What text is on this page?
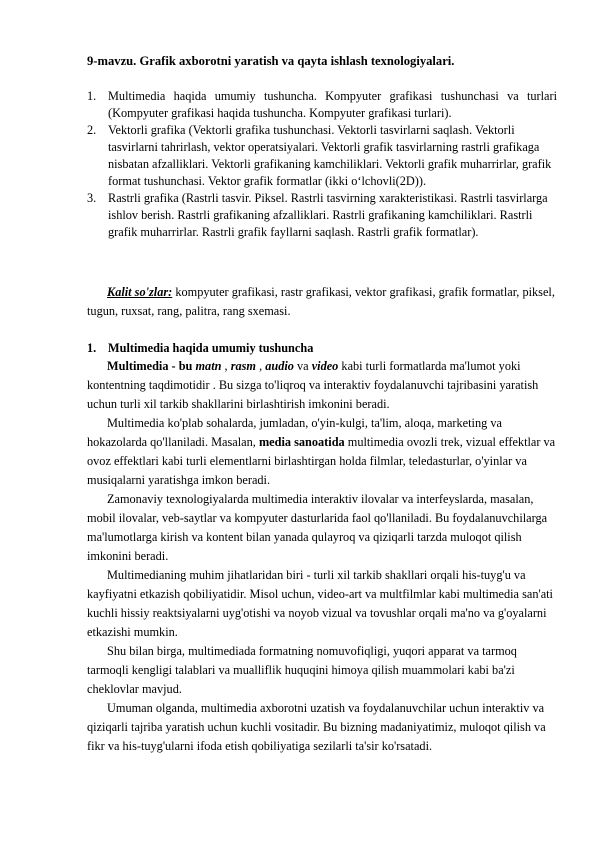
9-mavzu. Grafik axborotni yaratish va qayta ishlash texnologiyalari.
1. Multimedia haqida umumiy tushuncha. Kompyuter grafikasi tushunchasi va turlari (Kompyuter grafikasi haqida tushuncha. Kompyuter grafikasi turlari).
2. Vektorli grafika (Vektorli grafika tushunchasi. Vektorli tasvirlarni saqlash. Vektorli tasvirlarni tahrirlash, vektor operatsiyalari. Vektorli grafik tasvirlarning rastrli grafikaga nisbatan afzalliklari. Vektorli grafikaning kamchiliklari. Vektorli grafik muharrirlar, grafik format tushunchasi. Vektor grafik formatlar (ikki o‘lchovli(2D)).
3. Rastrli grafika (Rastrli tasvir. Piksel. Rastrli tasvirning xarakteristikasi. Rastrli tasvirlarga ishlov berish. Rastrli grafikaning afzalliklari. Rastrli grafikaning kamchiliklari. Rastrli grafik muharrirlar. Rastrli grafik fayllarni saqlash. Rastrli grafik formatlar).
Kalit so'zlar: kompyuter grafikasi, rastr grafikasi, vektor grafikasi, grafik formatlar, piksel, tugun, ruxsat, rang, palitra, rang sxemasi.
1. Multimedia haqida umumiy tushuncha

Multimedia - bu matn , rasm , audio va video kabi turli formatlarda ma'lumot yoki kontentning taqdimotidir . Bu sizga to'liqroq va interaktiv foydalanuvchi tajribasini yaratish uchun turli xil tarkib shakllarini birlashtirish imkonini beradi.

Multimedia ko'plab sohalarda, jumladan, o'yin-kulgi, ta'lim, aloqa, marketing va hokazolarda qo'llaniladi. Masalan, media sanoatida multimedia ovozli trek, vizual effektlar va ovoz effektlari kabi turli elementlarni birlashtirgan holda filmlar, teledasturlar, o'yinlar va musiqalarni yaratishga imkon beradi.

Zamonaviy texnologiyalarda multimedia interaktiv ilovalar va interfeyslarda, masalan, mobil ilovalar, veb-saytlar va kompyuter dasturlarida faol qo'llaniladi. Bu foydalanuvchilarga ma'lumotlarga kirish va kontent bilan yanada qulayroq va qiziqarli tarzda muloqot qilish imkonini beradi.

Multimedianing muhim jihatlaridan biri - turli xil tarkib shakllari orqali his-tuyg'u va kayfiyatni etkazish qobiliyatidir. Misol uchun, video-art va multfilmlar kabi multimedia san'ati kuchli hissiy reaktsiyalarni uyg'otishi va noyob vizual va tovushlar orqali ma'no va g'oyalarni etkazishi mumkin.

Shu bilan birga, multimediada formatning nomuvofiqligi, yuqori apparat va tarmoq tarmoqli kengligi talablari va mualliflik huquqini himoya qilish muammolari kabi ba'zi cheklovlar mavjud.

Umuman olganda, multimedia axborotni uzatish va foydalanuvchilar uchun interaktiv va qiziqarli tajriba yaratish uchun kuchli vositadir. Bu bizning madaniyatimiz, muloqot qilish va fikr va his-tuyg'ularni ifoda etish qobiliyatiga sezilarli ta'sir ko'rsatadi.
